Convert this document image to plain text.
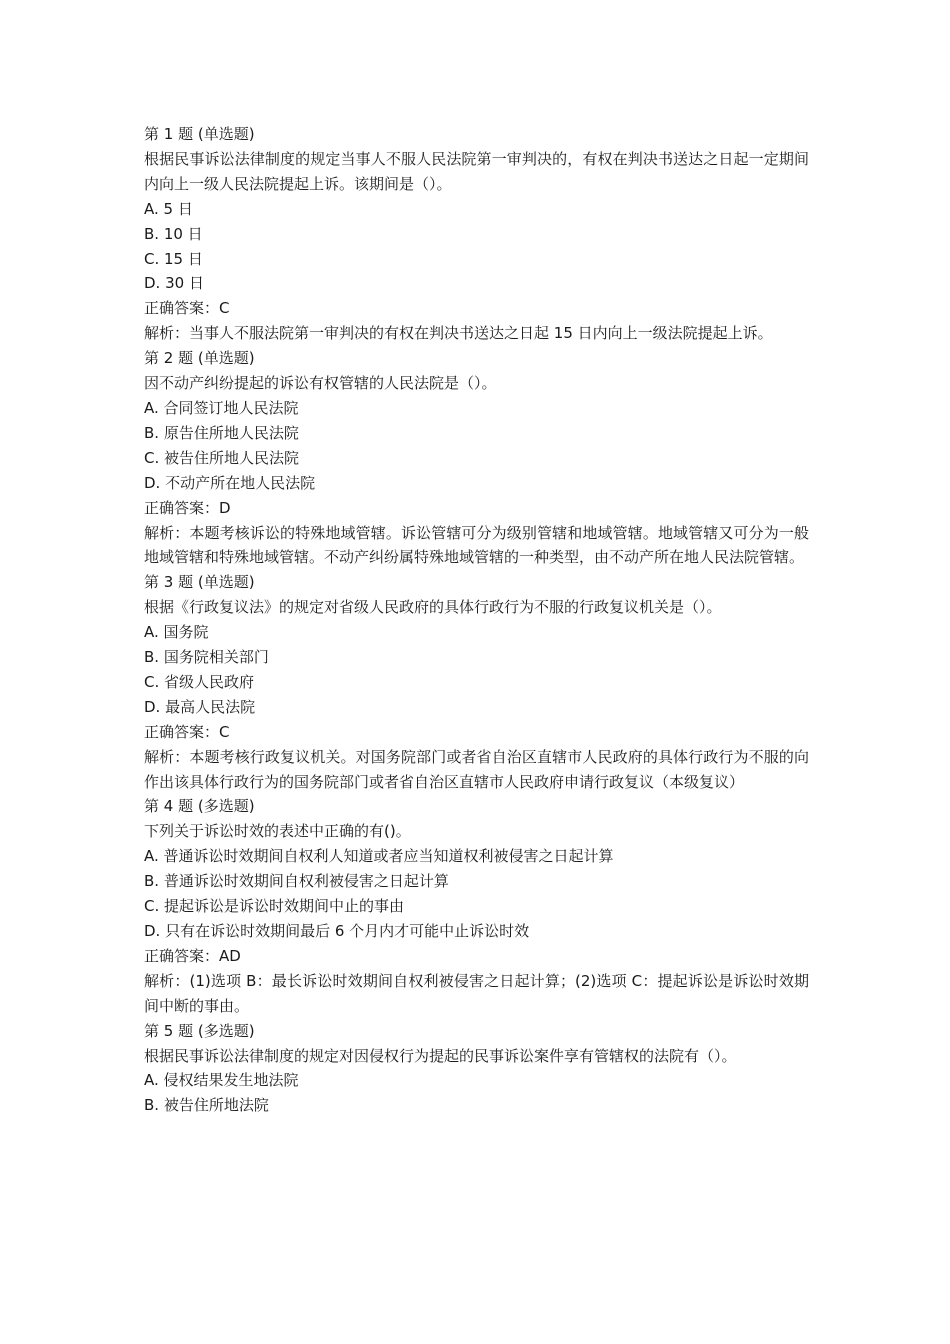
第 1 题 (单选题)
根据民事诉讼法律制度的规定当事人不服人民法院第一审判决的，有权在判决书送达之日起一定期间内向上一级人民法院提起上诉。该期间是（）。
A. 5 日
B. 10 日
C. 15 日
D. 30 日
正确答案：C
解析：当事人不服法院第一审判决的有权在判决书送达之日起 15 日内向上一级法院提起上诉。
第 2 题 (单选题)
因不动产纠纷提起的诉讼有权管辖的人民法院是（）。
A. 合同签订地人民法院
B. 原告住所地人民法院
C. 被告住所地人民法院
D. 不动产所在地人民法院
正确答案：D
解析：本题考核诉讼的特殊地域管辖。诉讼管辖可分为级别管辖和地域管辖。地域管辖又可分为一般地域管辖和特殊地域管辖。不动产纠纷属特殊地域管辖的一种类型，由不动产所在地人民法院管辖。
第 3 题 (单选题)
根据《行政复议法》的规定对省级人民政府的具体行政行为不服的行政复议机关是（）。
A. 国务院
B. 国务院相关部门
C. 省级人民政府
D. 最高人民法院
正确答案：C
解析：本题考核行政复议机关。对国务院部门或者省自治区直辖市人民政府的具体行政行为不服的向作出该具体行政行为的国务院部门或者省自治区直辖市人民政府申请行政复议（本级复议）
第 4 题 (多选题)
下列关于诉讼时效的表述中正确的有()。
A. 普通诉讼时效期间自权利人知道或者应当知道权利被侵害之日起计算
B. 普通诉讼时效期间自权利被侵害之日起计算
C. 提起诉讼是诉讼时效期间中止的事由
D. 只有在诉讼时效期间最后 6 个月内才可能中止诉讼时效
正确答案：AD
解析：(1)选项 B：最长诉讼时效期间自权利被侵害之日起计算；(2)选项 C：提起诉讼是诉讼时效期间中断的事由。
第 5 题 (多选题)
根据民事诉讼法律制度的规定对因侵权行为提起的民事诉讼案件享有管辖权的法院有（）。
A. 侵权结果发生地法院
B. 被告住所地法院
